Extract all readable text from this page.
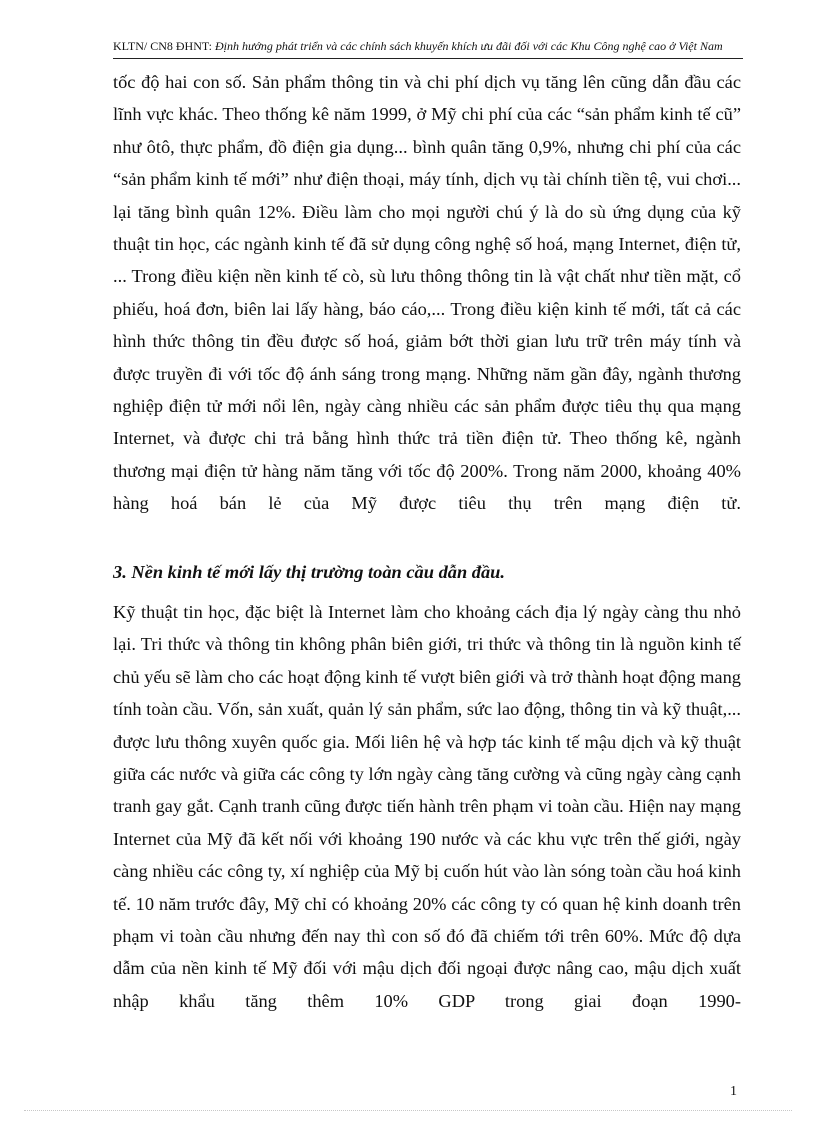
KLTN/ CN8 ĐHNT: Định hướng phát triển và các chính sách khuyến khích ưu đãi đối với các Khu Công nghệ cao ở Việt Nam
tốc độ hai con số. Sản phẩm thông tin và chi phí dịch vụ tăng lên cũng dẫn đầu các lĩnh vực khác. Theo thống kê năm 1999, ở Mỹ chi phí của các “sản phẩm kinh tế cũ” như ôtô, thực phẩm, đồ điện gia dụng... bình quân tăng 0,9%, nhưng chi phí của các “sản phẩm kinh tế mới” như điện thoại, máy tính, dịch vụ tài chính tiền tệ, vui chơi... lại tăng bình quân 12%. Điều làm cho mọi người chú ý là do sù ứng dụng của kỹ thuật tin học, các ngành kinh tế đã sử dụng công nghệ số hoá, mạng Internet, điện tử, ... Trong điều kiện nền kinh tế cò, sù lưu thông thông tin là vật chất như tiền mặt, cổ phiếu, hoá đơn, biên lai lấy hàng, báo cáo,... Trong điều kiện kinh tế mới, tất cả các hình thức thông tin đều được số hoá, giảm bớt thời gian lưu trữ trên máy tính và được truyền đi với tốc độ ánh sáng trong mạng. Những năm gần đây, ngành thương nghiệp điện tử mới nổi lên, ngày càng nhiều các sản phẩm được tiêu thụ qua mạng Internet, và được chi trả bằng hình thức trả tiền điện tử. Theo thống kê, ngành thương mại điện tử hàng năm tăng với tốc độ 200%. Trong năm 2000, khoảng 40% hàng hoá bán lẻ của Mỹ được tiêu thụ trên mạng điện tử.
3. Nền kinh tế mới lấy thị trường toàn cầu dẫn đầu.
Kỹ thuật tin học, đặc biệt là Internet làm cho khoảng cách địa lý ngày càng thu nhỏ lại. Tri thức và thông tin không phân biên giới, tri thức và thông tin là nguồn kinh tế chủ yếu sẽ làm cho các hoạt động kinh tế vượt biên giới và trở thành hoạt động mang tính toàn cầu. Vốn, sản xuất, quản lý sản phẩm, sức lao động, thông tin và kỹ thuật,... được lưu thông xuyên quốc gia. Mối liên hệ và hợp tác kinh tế mậu dịch và kỹ thuật giữa các nước và giữa các công ty lớn ngày càng tăng cường và cũng ngày càng cạnh tranh gay gắt. Cạnh tranh cũng được tiến hành trên phạm vi toàn cầu. Hiện nay mạng Internet của Mỹ đã kết nối với khoảng 190 nước và các khu vực trên thế giới, ngày càng nhiều các công ty, xí nghiệp của Mỹ bị cuốn hút vào làn sóng toàn cầu hoá kinh tế. 10 năm trước đây, Mỹ chỉ có khoảng 20% các công ty có quan hệ kinh doanh trên phạm vi toàn cầu nhưng đến nay thì con số đó đã chiếm tới trên 60%. Mức độ dựa dẫm của nền kinh tế Mỹ đối với mậu dịch đối ngoại được nâng cao, mậu dịch xuất nhập khẩu tăng thêm 10% GDP trong giai đoạn 1990-
1
